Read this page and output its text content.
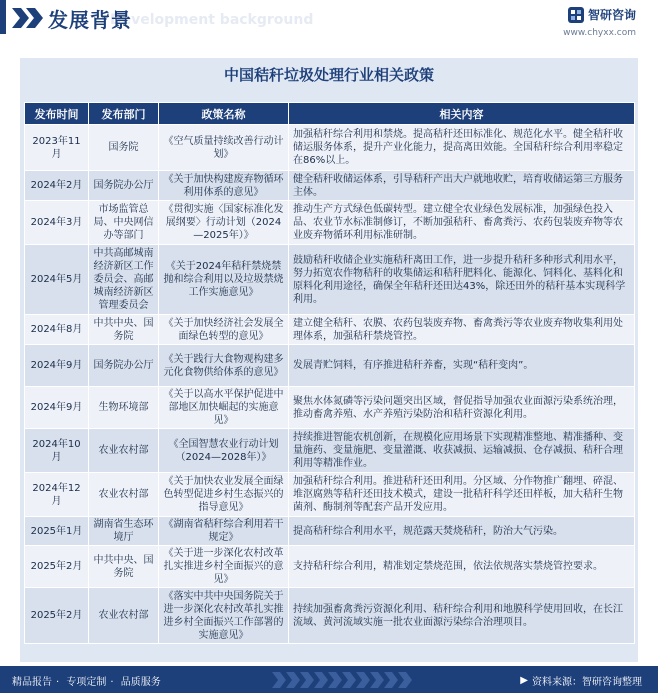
Development background
发展背景	智研咨询
www.chyxx.com
中国秸秆垃圾处理行业相关政策
发布时间	发布部门	政策名称	相关内容
2023年11月	国务院	《空气质量持续改善行动计划》	加强秸秆综合利用和禁烧。提高秸秆还田标准化、规范化水平。健全秸秆收储运服务体系，提升产业化能力，提高离田效能。全国秸秆综合利用率稳定在86%以上。
2024年2月	国务院办公厅	《关于加快构建废弃物循环利用体系的意见》	健全秸秆收储运体系，引导秸秆产出大户就地收贮，培育收储运第三方服务主体。
2024年3月	市场监管总局、中央网信办等部门	《贯彻实施〈国家标准化发展纲要〉行动计划（2024—2025年）》	推动生产方式绿色低碳转型。建立健全农业绿色发展标准，加强绿色投入品、农业节水标准制修订，不断加强秸秆、畜禽粪污、农药包装废弃物等农业废弃物循环利用标准研制。
2024年5月	中共高邮城南经济新区工作委员会、高邮城南经济新区管理委员会	《关于2024年秸秆禁烧禁抛和综合利用以及垃圾禁烧工作实施意见》	鼓励秸秆收储企业实施秸秆离田工作，进一步提升秸秆多种形式利用水平，努力拓宽农作物秸秆的收集储运和秸秆肥料化、能源化、饲料化、基料化和原料化利用途径，确保全年秸秆还田达43%，除还田外的秸秆基本实现科学利用。
2024年8月	中共中央、国务院	《关于加快经济社会发展全面绿色转型的意见》	建立健全秸秆、农膜、农药包装废弃物、畜禽粪污等农业废弃物收集利用处理体系，加强秸秆禁烧管控。
2024年9月	国务院办公厅	《关于践行大食物观构建多元化食物供给体系的意见》	发展青贮饲料，有序推进秸秆养畜，实现“秸秆变肉”。
2024年9月	生物环境部	《关于以高水平保护促进中部地区加快崛起的实施意见》	聚焦水体氮磷等污染问题突出区域，督促指导加强农业面源污染系统治理，推动畜禽养殖、水产养殖污染防治和秸秆资源化利用。
2024年10月	农业农村部	《全国智慧农业行动计划（2024—2028年）》	持续推进智能农机创新，在规模化应用场景下实现精准整地、精准播种、变量施药、变量施肥、变量灌溉、收获减损、运输减损、仓存减损、秸秆合理利用等精准作业。
2024年12月	农业农村部	《关于加快农业发展全面绿色转型促进乡村生态振兴的指导意见》	加强秸秆综合利用。推进秸秆还田利用。分区域、分作物推广翻埋、碎混、堆沤腐熟等秸秆还田技术模式，建设一批秸秆科学还田样板，加大秸秆生物菌剂、酶制剂等配套产品开发应用。
2025年1月	湖南省生态环境厅	《湖南省秸秆综合利用若干规定》	提高秸秆综合利用水平，规范露天焚烧秸秆，防治大气污染。
2025年2月	中共中央、国务院	《关于进一步深化农村改革 扎实推进乡村全面振兴的意见》	支持秸秆综合利用，精准划定禁烧范围，依法依规落实禁烧管控要求。
2025年2月	农业农村部	《落实中共中央国务院关于进一步深化农村改革扎实推进乡村全面振兴工作部署的实施意见》	持续加强畜禽粪污资源化利用、秸秆综合利用和地膜科学使用回收，在长江流域、黄河流域实施一批农业面源污染综合治理项目。
精品报告 · 专项定制 · 品质服务	▶ 资料来源： 智研咨询整理
